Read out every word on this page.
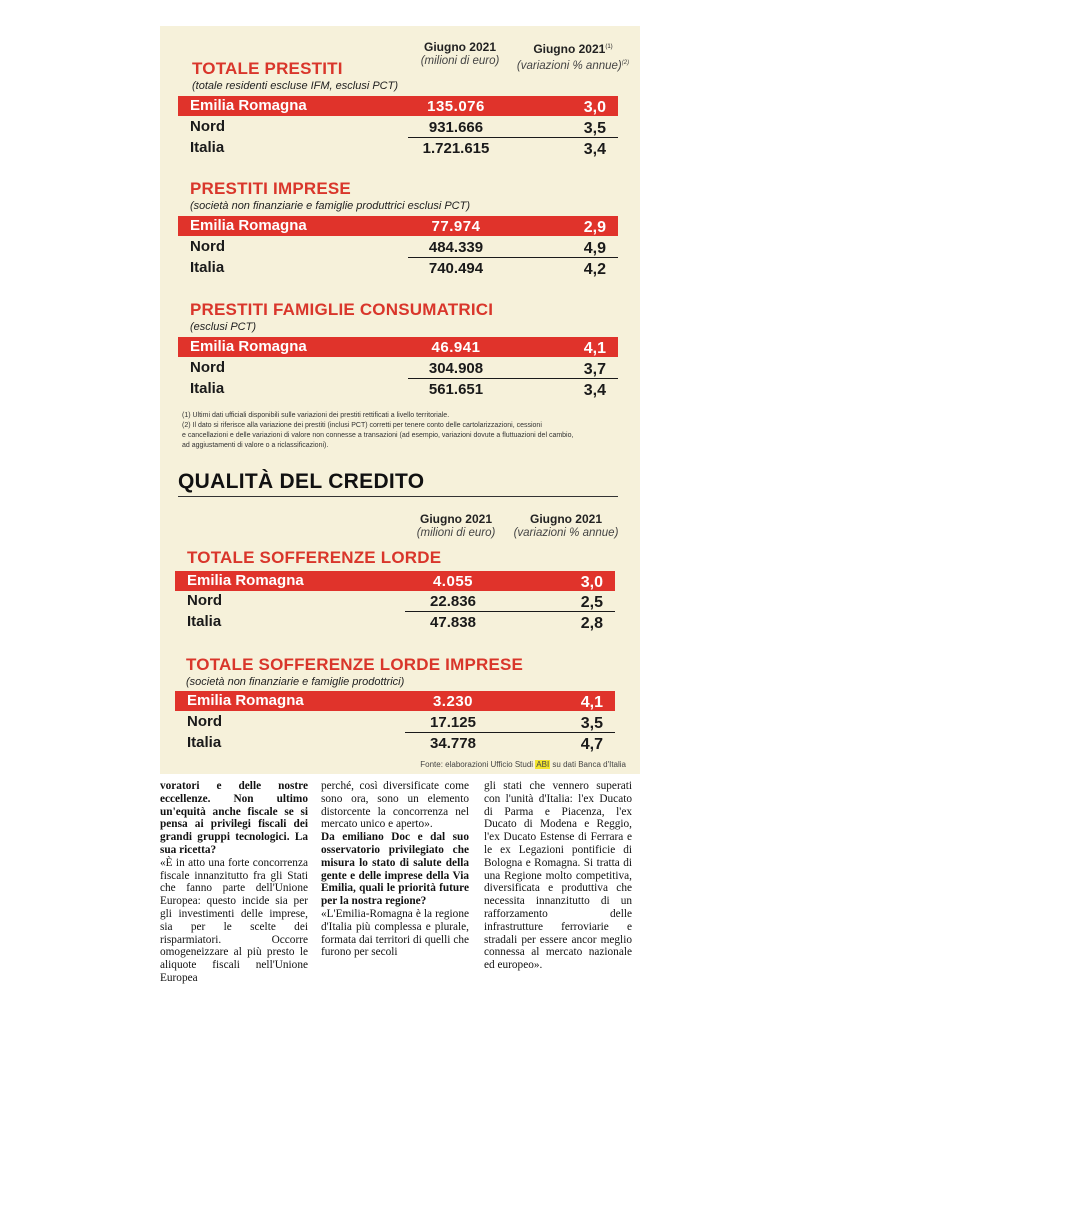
Giugno 2021
(milioni di euro)
Giugno 2021$^{(1)}$
(variazioni % annue)$^{(2)}$
TOTALE PRESTITI
(totale residenti escluse IFM, esclusi PCT)
Emilia Romagna	135.076	3,0
Nord	931.666	3,5
Italia	1.721.615	3,4
PRESTITI IMPRESE
(società non finanziarie e famiglie produttrici esclusi PCT)
Emilia Romagna	77.974	2,9
Nord	484.339	4,9
Italia	740.494	4,2
PRESTITI FAMIGLIE CONSUMATRICI
(esclusi PCT)
Emilia Romagna	46.941	4,1
Nord	304.908	3,7
Italia	561.651	3,4
(1) Ultimi dati ufficiali disponibili sulle variazioni dei prestiti rettificati a livello territoriale.
(2) Il dato si riferisce alla variazione dei prestiti (inclusi PCT) corretti per tenere conto delle cartolarizzazioni, cessioni
e cancellazioni e delle variazioni di valore non connesse a transazioni (ad esempio, variazioni dovute a fluttuazioni del cambio,
ad aggiustamenti di valore o a riclassificazioni).
QUALITÀ DEL CREDITO
Giugno 2021
(milioni di euro)
Giugno 2021
(variazioni % annue)
TOTALE SOFFERENZE LORDE
Emilia Romagna	4.055	3,0
Nord	22.836	2,5
Italia	47.838	2,8
TOTALE SOFFERENZE LORDE IMPRESE
(società non finanziarie e famiglie prodottrici)
Emilia Romagna	3.230	4,1
Nord	17.125	3,5
Italia	34.778	4,7
Fonte: elaborazioni Ufficio Studi ABI su dati Banca d'Italia

voratori e delle nostre eccellenze. Non ultimo un'equità anche fiscale se si pensa ai privilegi fiscali dei grandi gruppi tecnologici. La sua ricetta?

«È in atto una forte concorrenza fiscale innanzitutto fra gli Stati che fanno parte dell'Unione Europea: questo incide sia per gli investimenti delle imprese, sia per le scelte dei risparmiatori. Occorre omogeneizzare al più presto le aliquote fiscali nell'Unione Europea

perché, così diversificate come sono ora, sono un elemento distorcente la concorrenza nel mercato unico e aperto».

Da emiliano Doc e dal suo osservatorio privilegiato che misura lo stato di salute della gente e delle imprese della Via Emilia, quali le priorità future per la nostra regione?

«L'Emilia-Romagna è la regione d'Italia più complessa e plurale, formata dai territori di quelli che furono per secoli

gli stati che vennero superati con l'unità d'Italia: l'ex Ducato di Parma e Piacenza, l'ex Ducato di Modena e Reggio, l'ex Ducato Estense di Ferrara e le ex Legazioni pontificie di Bologna e Romagna. Si tratta di una Regione molto competitiva, diversificata e produttiva che necessita innanzitutto di un rafforzamento delle infrastrutture ferroviarie e stradali per essere ancor meglio connessa al mercato nazionale ed europeo».
